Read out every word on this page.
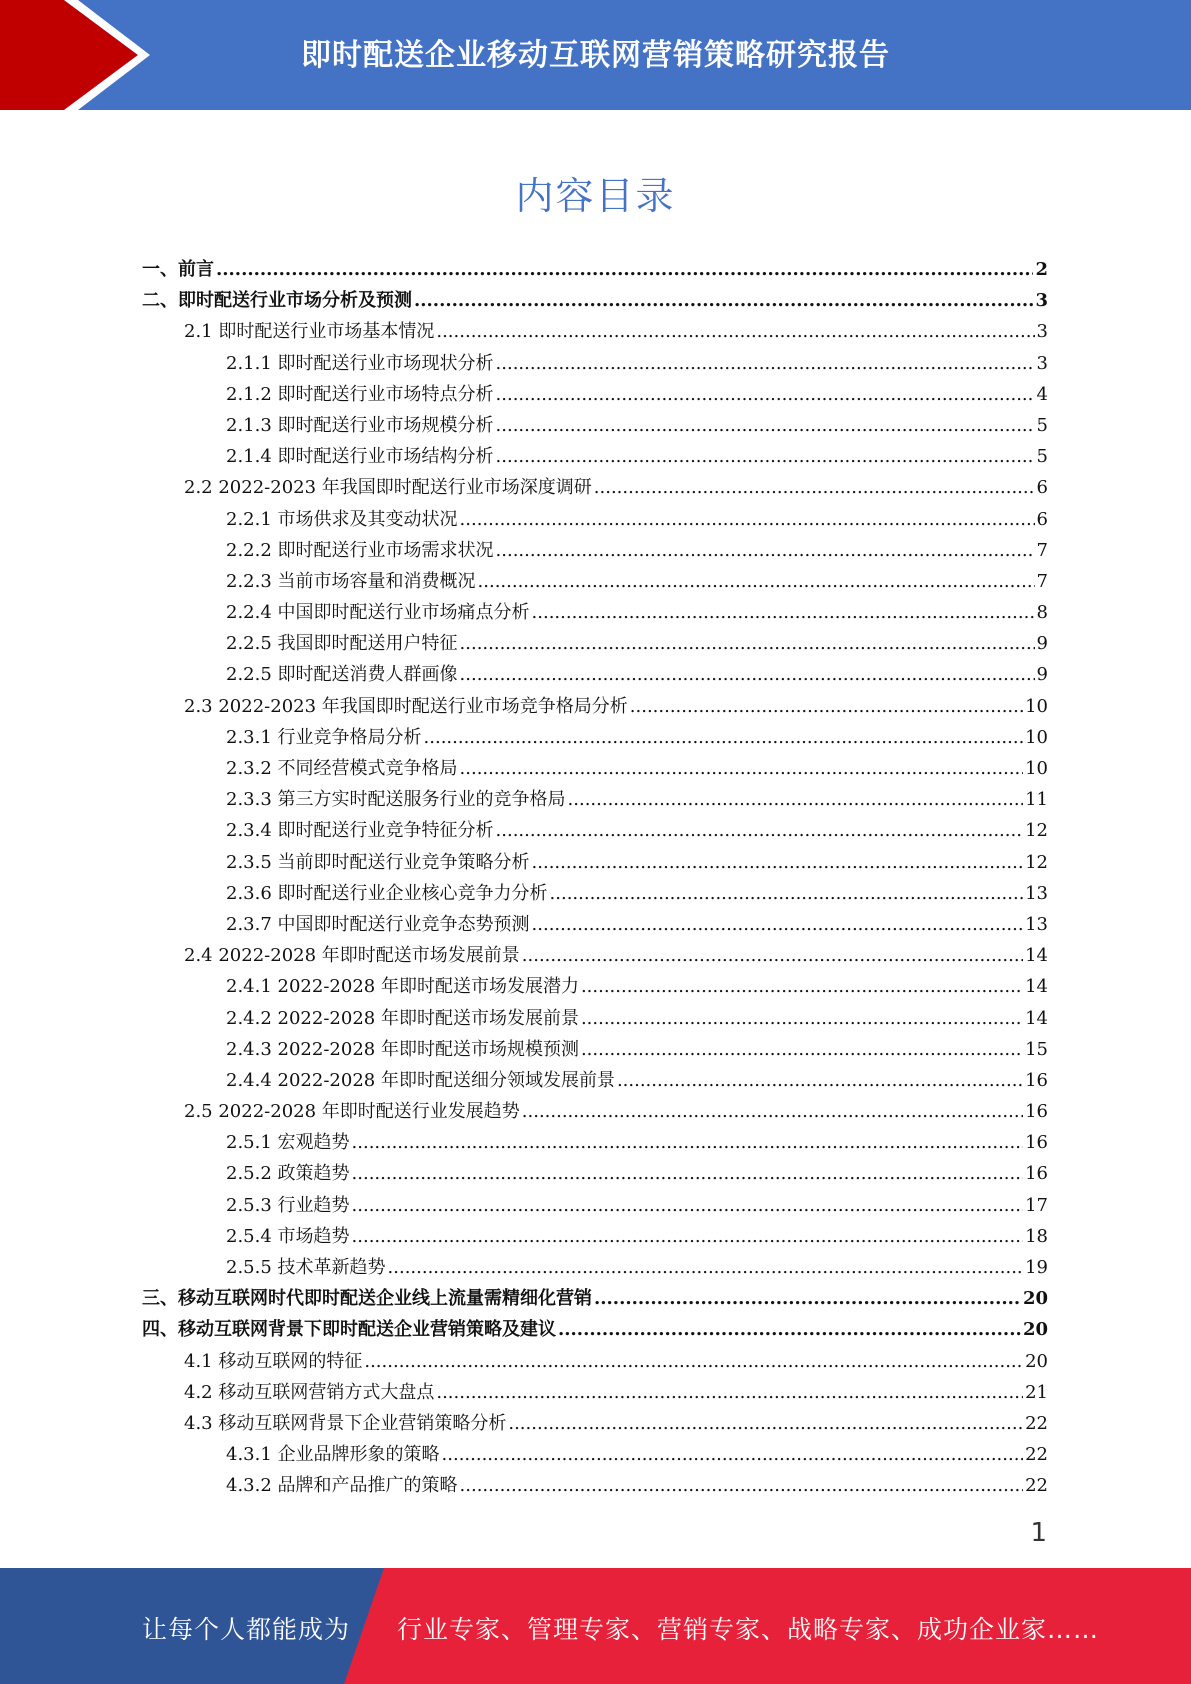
即时配送企业移动互联网营销策略研究报告
内容目录
一、前言 .....	2
二、即时配送行业市场分析及预测 .....	3
2.1 即时配送行业市场基本情况 .....	3
2.1.1 即时配送行业市场现状分析 .....	3
2.1.2 即时配送行业市场特点分析 .....	4
2.1.3 即时配送行业市场规模分析 .....	5
2.1.4 即时配送行业市场结构分析 .....	5
2.2 2022-2023 年我国即时配送行业市场深度调研 .....	6
2.2.1 市场供求及其变动状况 .....	6
2.2.2 即时配送行业市场需求状况 .....	7
2.2.3 当前市场容量和消费概况 .....	7
2.2.4 中国即时配送行业市场痛点分析 .....	8
2.2.5 我国即时配送用户特征 .....	9
2.2.5 即时配送消费人群画像 .....	9
2.3 2022-2023 年我国即时配送行业市场竞争格局分析 .....	10
2.3.1 行业竞争格局分析 .....	10
2.3.2 不同经营模式竞争格局 .....	10
2.3.3 第三方实时配送服务行业的竞争格局 .....	11
2.3.4 即时配送行业竞争特征分析 .....	12
2.3.5 当前即时配送行业竞争策略分析 .....	12
2.3.6 即时配送行业企业核心竞争力分析 .....	13
2.3.7 中国即时配送行业竞争态势预测 .....	13
2.4 2022-2028 年即时配送市场发展前景 .....	14
2.4.1 2022-2028 年即时配送市场发展潜力 .....	14
2.4.2 2022-2028 年即时配送市场发展前景 .....	14
2.4.3 2022-2028 年即时配送市场规模预测 .....	15
2.4.4 2022-2028 年即时配送细分领域发展前景 .....	16
2.5 2022-2028 年即时配送行业发展趋势 .....	16
2.5.1 宏观趋势 .....	16
2.5.2 政策趋势 .....	16
2.5.3 行业趋势 .....	17
2.5.4 市场趋势 .....	18
2.5.5 技术革新趋势 .....	19
三、移动互联网时代即时配送企业线上流量需精细化营销 .....	20
四、移动互联网背景下即时配送企业营销策略及建议 .....	20
4.1 移动互联网的特征 .....	20
4.2 移动互联网营销方式大盘点 .....	21
4.3 移动互联网背景下企业营销策略分析 .....	22
4.3.1 企业品牌形象的策略 .....	22
4.3.2 品牌和产品推广的策略 .....	22
1
让每个人都能成为 行业专家、管理专家、营销专家、战略专家、成功企业家……
